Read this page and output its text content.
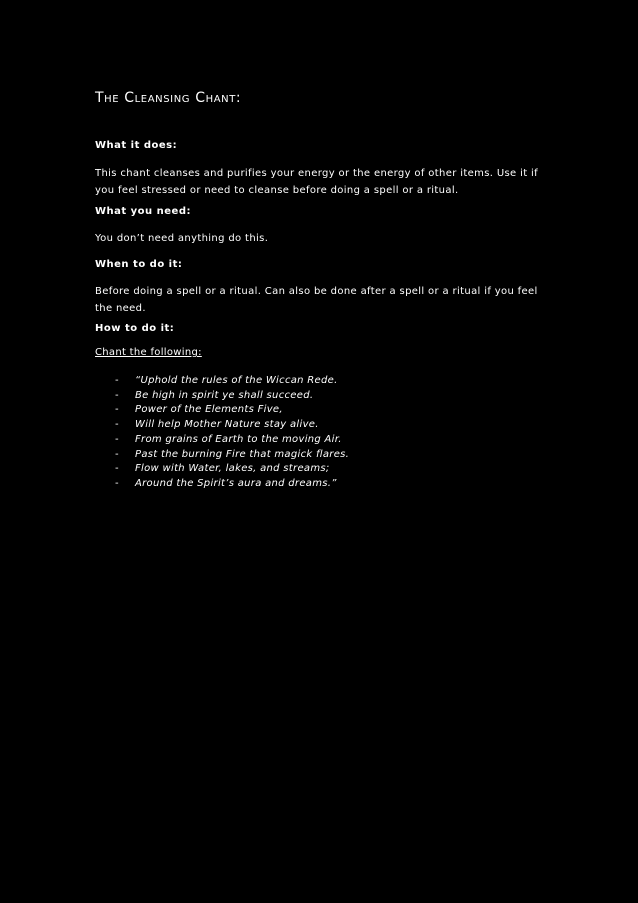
The Cleansing Chant:
What it does:
This chant cleanses and purifies your energy or the energy of other items. Use it if you feel stressed or need to cleanse before doing a spell or a ritual.
What you need:
You don’t need anything do this.
When to do it:
Before doing a spell or a ritual. Can also be done after a spell or a ritual if you feel the need.
How to do it:
Chant the following:
-	“Uphold the rules of the Wiccan Rede.
-	Be high in spirit ye shall succeed.
-	Power of the Elements Five,
-	Will help Mother Nature stay alive.
-	From grains of Earth to the moving Air.
-	Past the burning Fire that magick flares.
-	Flow with Water, lakes, and streams;
-	Around the Spirit’s aura and dreams.”
